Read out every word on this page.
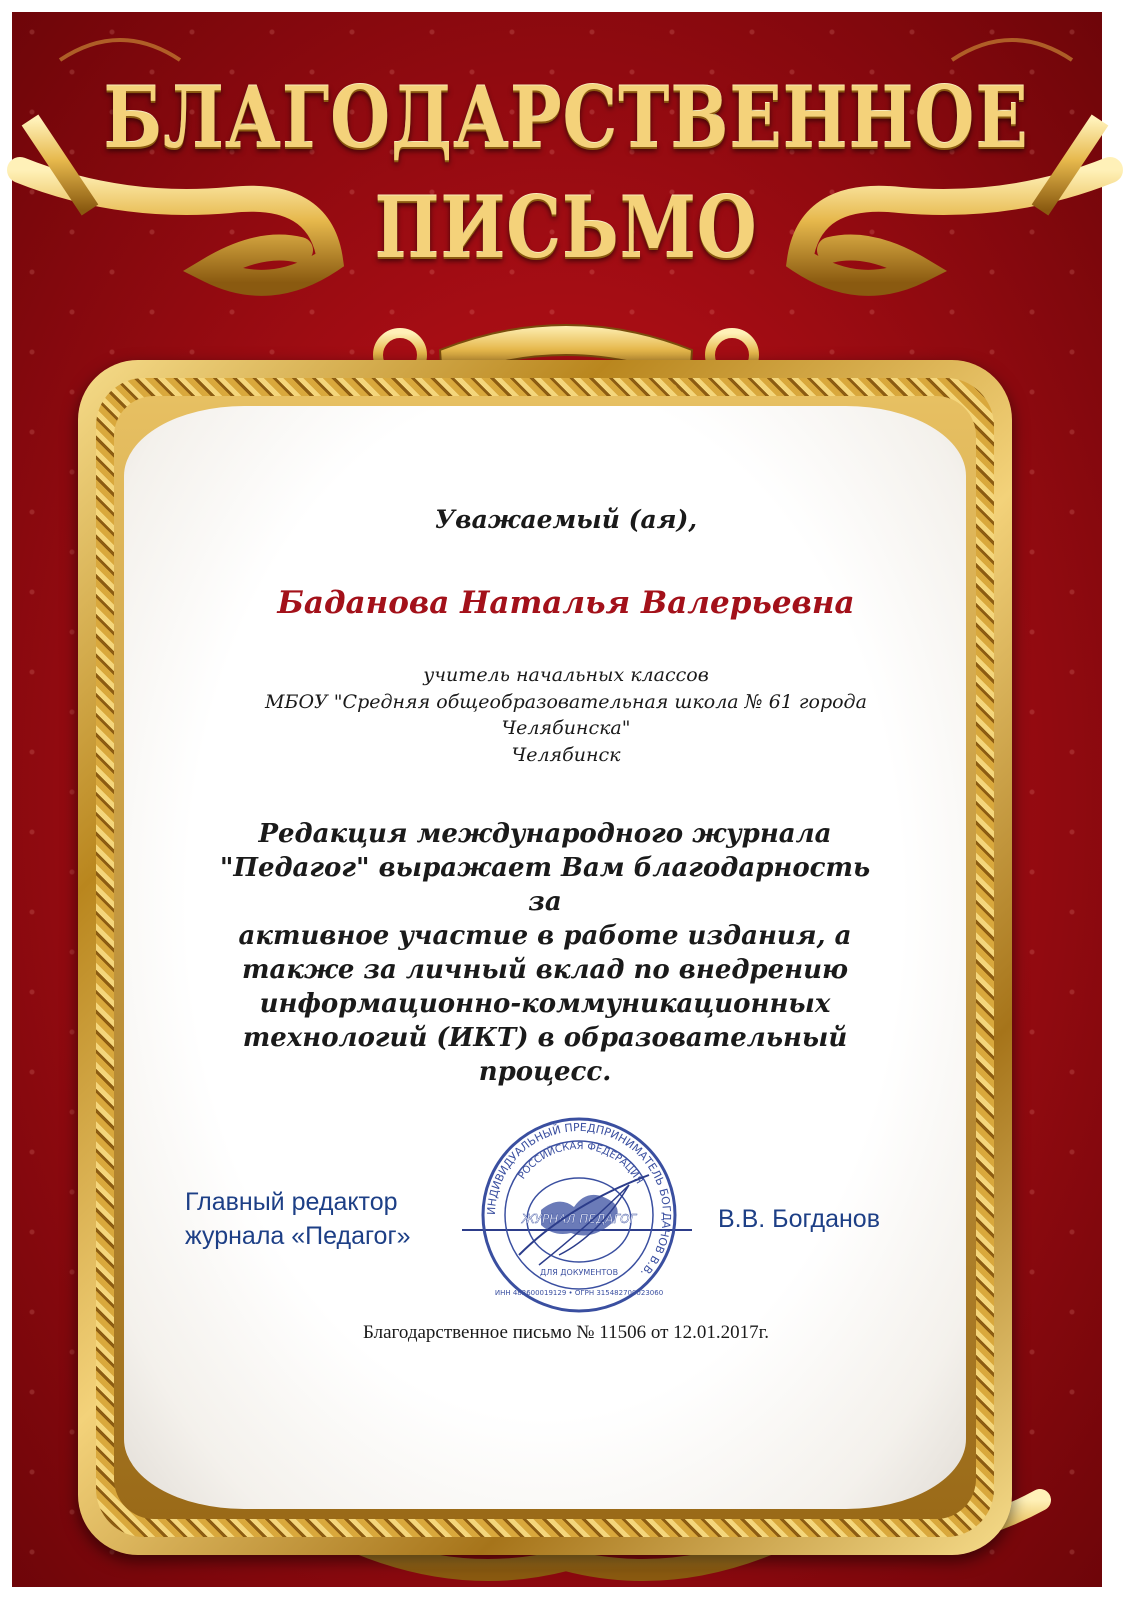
БЛАГОДАРСТВЕННОЕ
ПИСЬМО
Уважаемый (ая),
Баданова Наталья Валерьевна
учитель начальных классов
МБОУ "Средняя общеобразовательная школа № 61 города
Челябинска"
Челябинск
Редакция международного журнала
"Педагог" выражает Вам благодарность за
активное участие в работе издания, а
также за личный вклад по внедрению
информационно-коммуникационных
технологий (ИКТ) в образовательный
процесс.
Главный редактор
журнала «Педагог»
ИНДИВИДУАЛЬНЫЙ ПРЕДПРИНИМАТЕЛЬ БОГДАНОВ В.В.
РОССИЙСКАЯ ФЕДЕРАЦИЯ
ЖУРНАЛ ПЕДАГОГ
ДЛЯ ДОКУМЕНТОВ
ИНН 482600019129 • ОГРН 315482700023060
В.В. Богданов
Благодарственное письмо № 11506 от 12.01.2017г.
